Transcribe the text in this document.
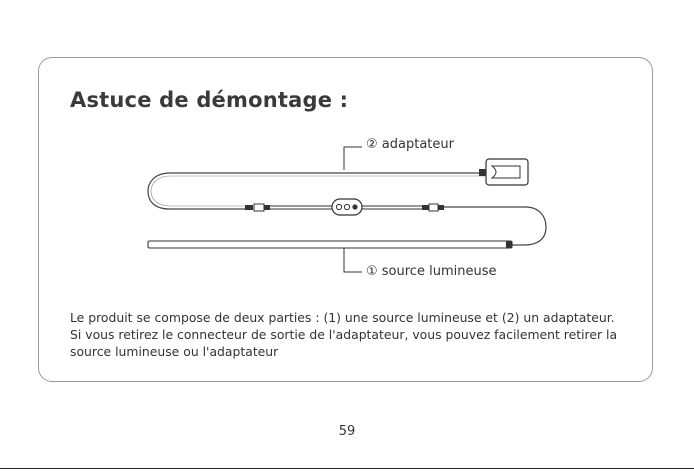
Astuce de démontage :
② adaptateur
① source lumineuse
Le produit se compose de deux parties : (1) une source lumineuse et (2) un adaptateur.
Si vous retirez le connecteur de sortie de l'adaptateur, vous pouvez facilement retirer la
source lumineuse ou l'adaptateur
59
